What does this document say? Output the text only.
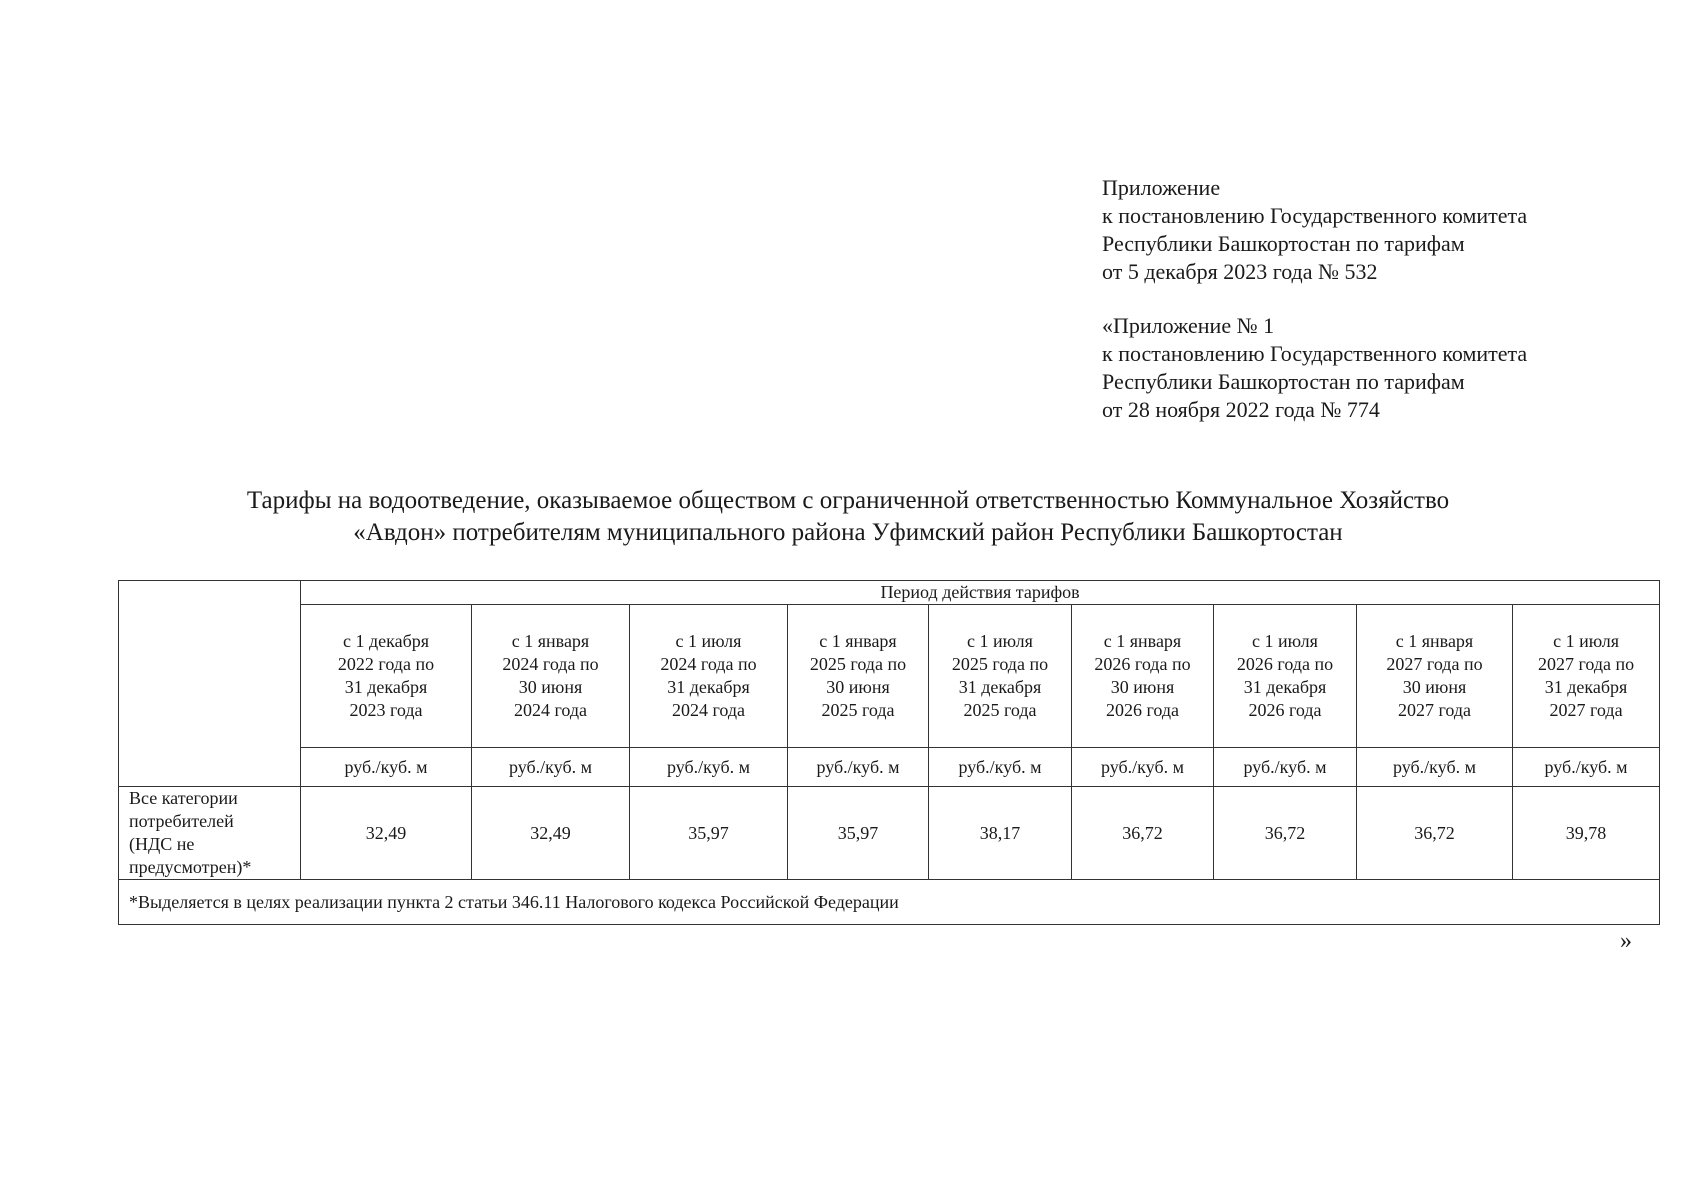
Приложение
к постановлению Государственного комитета
Республики Башкортостан по тарифам
от 5 декабря 2023 года № 532
«Приложение № 1
к постановлению Государственного комитета
Республики Башкортостан по тарифам
от 28 ноября 2022 года № 774
Тарифы на водоотведение, оказываемое обществом с ограниченной ответственностью Коммунальное Хозяйство
«Авдон» потребителям муниципального района Уфимский район Республики Башкортостан
	Период действия тарифов								
	с 1 декабря
2022 года по
31 декабря
2023 года	с 1 января
2024 года по
30 июня
2024 года	с 1 июля
2024 года по
31 декабря
2024 года	с 1 января
2025 года по
30 июня
2025 года	с 1 июля
2025 года по
31 декабря
2025 года	с 1 января
2026 года по
30 июня
2026 года	с 1 июля
2026 года по
31 декабря
2026 года	с 1 января
2027 года по
30 июня
2027 года	с 1 июля
2027 года по
31 декабря
2027 года
	руб./куб. м	руб./куб. м	руб./куб. м	руб./куб. м	руб./куб. м	руб./куб. м	руб./куб. м	руб./куб. м	руб./куб. м
Все категории
потребителей
(НДС не
предусмотрен)*	32,49	32,49	35,97	35,97	38,17	36,72	36,72	36,72	39,78
*Выделяется в целях реализации пункта 2 статьи 346.11 Налогового кодекса Российской Федерации									
»
